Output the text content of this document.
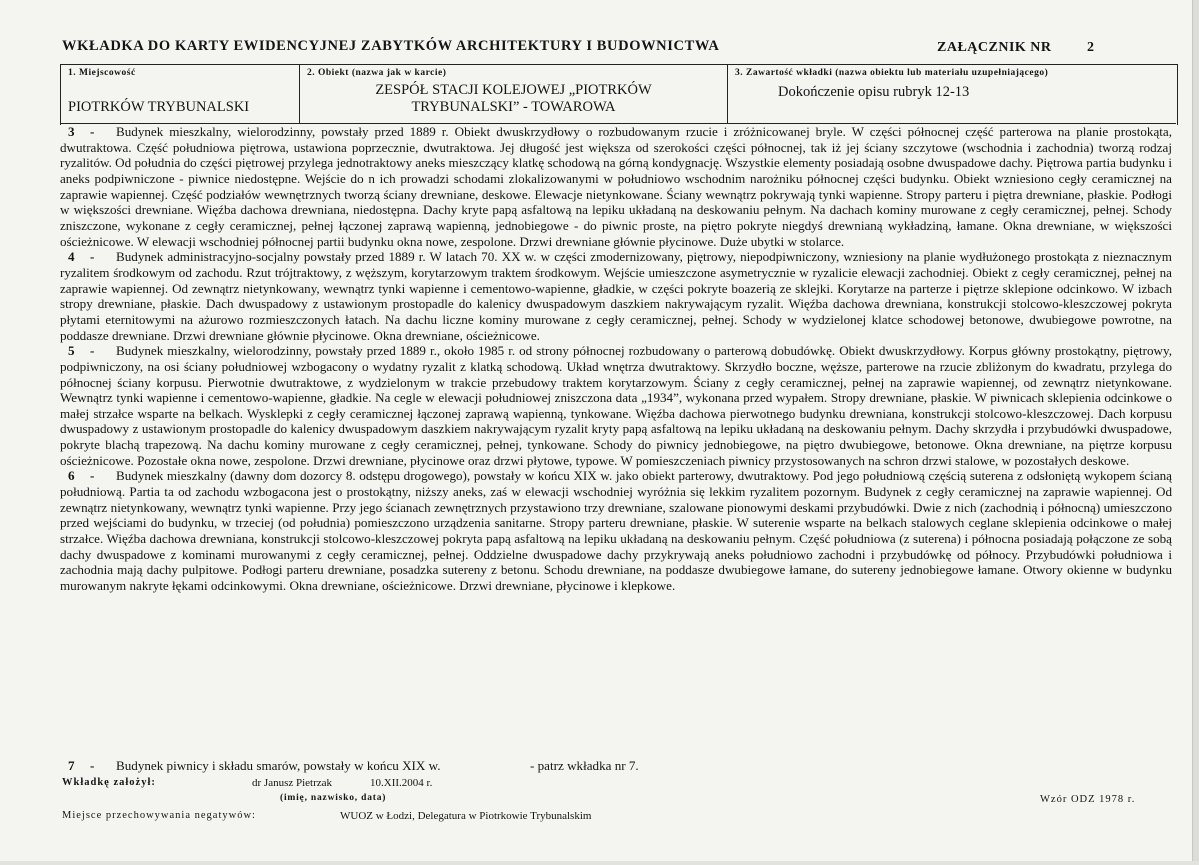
WKŁADKA DO KARTY EWIDENCYJNEJ ZABYTKÓW ARCHITEKTURY I BUDOWNICTWA	ZAŁĄCZNIK NR	2
1. Miejscowość
PIOTRKÓW TRYBUNALSKI
2. Obiekt (nazwa jak w karcie)
ZESPÓŁ STACJI KOLEJOWEJ „PIOTRKÓW
TRYBUNALSKI” - TOWAROWA
3. Zawartość wkładki (nazwa obiektu lub materiału uzupełniającego)
Dokończenie opisu rubryk 12-13
3 -	Budynek mieszkalny, wielorodzinny, powstały przed 1889 r. Obiekt dwuskrzydłowy o rozbudowanym rzucie i zróżnicowanej bryle. W części północnej część parterowa na planie prostokąta, dwutraktowa. Część południowa piętrowa, ustawiona poprzecznie, dwutraktowa. Jej długość jest większa od szerokości części północnej, tak iż jej ściany szczytowe (wschodnia i zachodnia) tworzą rodzaj ryzalitów. Od południa do części piętrowej przylega jednotraktowy aneks mieszczący klatkę schodową na górną kondygnację. Wszystkie elementy posiadają osobne dwuspadowe dachy. Piętrowa partia budynku i aneks podpiwniczone - piwnice niedostępne. Wejście do n ich prowadzi schodami zlokalizowanymi w południowo wschodnim narożniku północnej części budynku. Obiekt wzniesiono cegły ceramicznej na zaprawie wapiennej. Część podziałów wewnętrznych tworzą ściany drewniane, deskowe. Elewacje nietynkowane. Ściany wewnątrz pokrywają tynki wapienne. Stropy parteru i piętra drewniane, płaskie. Podłogi w większości drewniane. Więźba dachowa drewniana, niedostępna. Dachy kryte papą asfaltową na lepiku układaną na deskowaniu pełnym. Na dachach kominy murowane z cegły ceramicznej, pełnej. Schody zniszczone, wykonane z cegły ceramicznej, pełnej łączonej zaprawą wapienną, jednobiegowe - do piwnic proste, na piętro pokryte niegdyś drewnianą wykładziną, łamane. Okna drewniane, w większości ościeżnicowe. W elewacji wschodniej północnej partii budynku okna nowe, zespolone. Drzwi drewniane głównie płycinowe. Duże ubytki w stolarce.
4 -	Budynek administracyjno-socjalny powstały przed 1889 r. W latach 70. XX w. w części zmodernizowany, piętrowy, niepodpiwniczony, wzniesiony na planie wydłużonego prostokąta z nieznacznym ryzalitem środkowym od zachodu. Rzut trójtraktowy, z węższym, korytarzowym traktem środkowym. Wejście umieszczone asymetrycznie w ryzalicie elewacji zachodniej. Obiekt z cegły ceramicznej, pełnej na zaprawie wapiennej. Od zewnątrz nietynkowany, wewnątrz tynki wapienne i cementowo-wapienne, gładkie, w części pokryte boazerią ze sklejki. Korytarze na parterze i piętrze sklepione odcinkowo. W izbach stropy drewniane, płaskie. Dach dwuspadowy z ustawionym prostopadle do kalenicy dwuspadowym daszkiem nakrywającym ryzalit. Więźba dachowa drewniana, konstrukcji stolcowo-kleszczowej pokryta płytami eternitowymi na ażurowo rozmieszczonych łatach. Na dachu liczne kominy murowane z cegły ceramicznej, pełnej. Schody w wydzielonej klatce schodowej betonowe, dwubiegowe powrotne, na poddasze drewniane. Drzwi drewniane głównie płycinowe. Okna drewniane, ościeżnicowe.
5 -	Budynek mieszkalny, wielorodzinny, powstały przed 1889 r., około 1985 r. od strony północnej rozbudowany o parterową dobudówkę. Obiekt dwuskrzydłowy. Korpus główny prostokątny, piętrowy, podpiwniczony, na osi ściany południowej wzbogacony o wydatny ryzalit z klatką schodową. Układ wnętrza dwutraktowy. Skrzydło boczne, węższe, parterowe na rzucie zbliżonym do kwadratu, przylega do północnej ściany korpusu. Pierwotnie dwutraktowe, z wydzielonym w trakcie przebudowy traktem korytarzowym. Ściany z cegły ceramicznej, pełnej na zaprawie wapiennej, od zewnątrz nietynkowane. Wewnątrz tynki wapienne i cementowo-wapienne, gładkie. Na cegle w elewacji południowej zniszczona data „1934”, wykonana przed wypałem. Stropy drewniane, płaskie. W piwnicach sklepienia odcinkowe o małej strzałce wsparte na belkach. Wysklepki z cegły ceramicznej łączonej zaprawą wapienną, tynkowane. Więźba dachowa pierwotnego budynku drewniana, konstrukcji stolcowo-kleszczowej. Dach korpusu dwuspadowy z ustawionym prostopadle do kalenicy dwuspadowym daszkiem nakrywającym ryzalit kryty papą asfaltową na lepiku układaną na deskowaniu pełnym. Dachy skrzydła i przybudówki dwuspadowe, pokryte blachą trapezową. Na dachu kominy murowane z cegły ceramicznej, pełnej, tynkowane. Schody do piwnicy jednobiegowe, na piętro dwubiegowe, betonowe. Okna drewniane, na piętrze korpusu ościeżnicowe. Pozostałe okna nowe, zespolone. Drzwi drewniane, płycinowe oraz drzwi płytowe, typowe. W pomieszczeniach piwnicy przystosowanych na schron drzwi stalowe, w pozostałych deskowe.
6 -	Budynek mieszkalny (dawny dom dozorcy 8. odstępu drogowego), powstały w końcu XIX w. jako obiekt parterowy, dwutraktowy. Pod jego południową częścią suterena z odsłoniętą wykopem ścianą południową. Partia ta od zachodu wzbogacona jest o prostokątny, niższy aneks, zaś w elewacji wschodniej wyróżnia się lekkim ryzalitem pozornym. Budynek z cegły ceramicznej na zaprawie wapiennej. Od zewnątrz nietynkowany, wewnątrz tynki wapienne. Przy jego ścianach zewnętrznych przystawiono trzy drewniane, szalowane pionowymi deskami przybudówki. Dwie z nich (zachodnią i północną) umieszczono przed wejściami do budynku, w trzeciej (od południa) pomieszczono urządzenia sanitarne. Stropy parteru drewniane, płaskie. W suterenie wsparte na belkach stalowych ceglane sklepienia odcinkowe o małej strzałce. Więźba dachowa drewniana, konstrukcji stolcowo-kleszczowej pokryta papą asfaltową na lepiku układaną na deskowaniu pełnym. Część południowa (z suterena) i północna posiadają połączone ze sobą dachy dwuspadowe z kominami murowanymi z cegły ceramicznej, pełnej. Oddzielne dwuspadowe dachy przykrywają aneks południowo zachodni i przybudówkę od północy. Przybudówki południowa i zachodnia mają dachy pulpitowe. Podłogi parteru drewniane, posadzka sutereny z betonu. Schodu drewniane, na poddasze dwubiegowe łamane, do sutereny jednobiegowe łamane. Otwory okienne w budynku murowanym nakryte łękami odcinkowymi. Okna drewniane, ościeżnicowe. Drzwi drewniane, płycinowe i klepkowe.
7 - Budynek piwnicy i składu smarów, powstały w końcu XIX w.	- patrz wkładka nr 7.
Wkładkę założył:	dr Janusz Pietrzak	10.XII.2004 r.
(imię, nazwisko, data)	Wzór ODZ 1978 r.
Miejsce przechowywania negatywów:	WUOZ w Łodzi, Delegatura w Piotrkowie Trybunalskim
